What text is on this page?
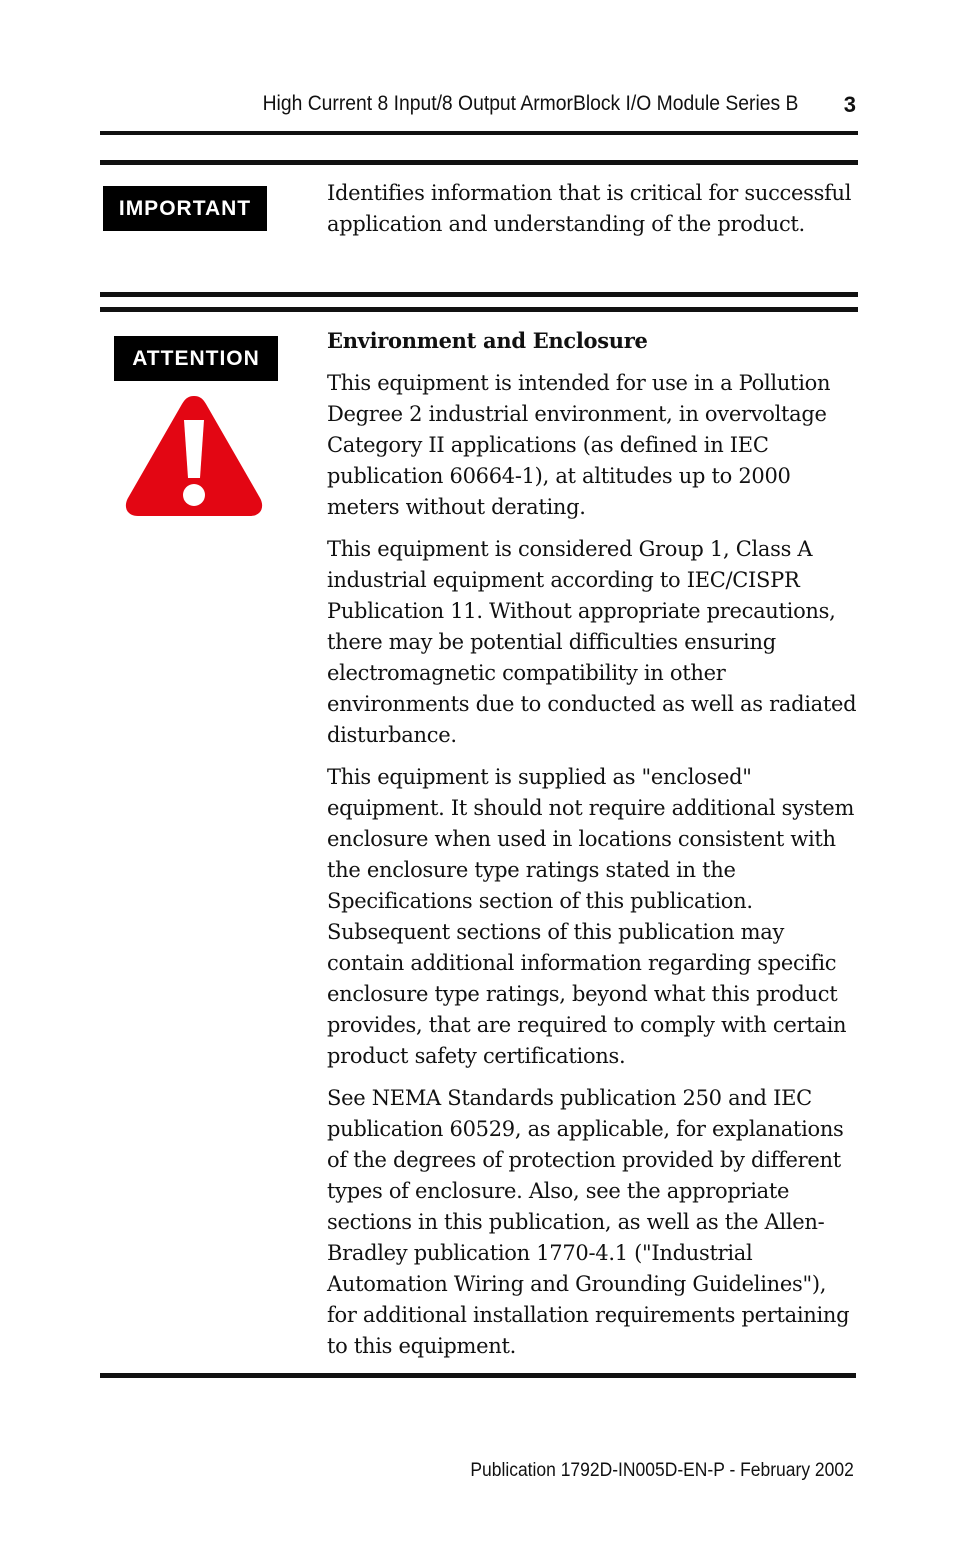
High Current 8 Input/8 Output ArmorBlock I/O Module Series B 3
IMPORTANT
Identifies information that is critical for successful application and understanding of the product.
ATTENTION
Environment and Enclosure

This equipment is intended for use in a Pollution Degree 2 industrial environment, in overvoltage Category II applications (as defined in IEC publication 60664-1), at altitudes up to 2000 meters without derating.

This equipment is considered Group 1, Class A industrial equipment according to IEC/CISPR Publication 11. Without appropriate precautions, there may be potential difficulties ensuring electromagnetic compatibility in other environments due to conducted as well as radiated disturbance.

This equipment is supplied as "enclosed" equipment. It should not require additional system enclosure when used in locations consistent with the enclosure type ratings stated in the Specifications section of this publication. Subsequent sections of this publication may contain additional information regarding specific enclosure type ratings, beyond what this product provides, that are required to comply with certain product safety certifications.

See NEMA Standards publication 250 and IEC publication 60529, as applicable, for explanations of the degrees of protection provided by different types of enclosure. Also, see the appropriate sections in this publication, as well as the Allen-Bradley publication 1770-4.1 ("Industrial Automation Wiring and Grounding Guidelines"), for additional installation requirements pertaining to this equipment.

Publication 1792D-IN005D-EN-P - February 2002
